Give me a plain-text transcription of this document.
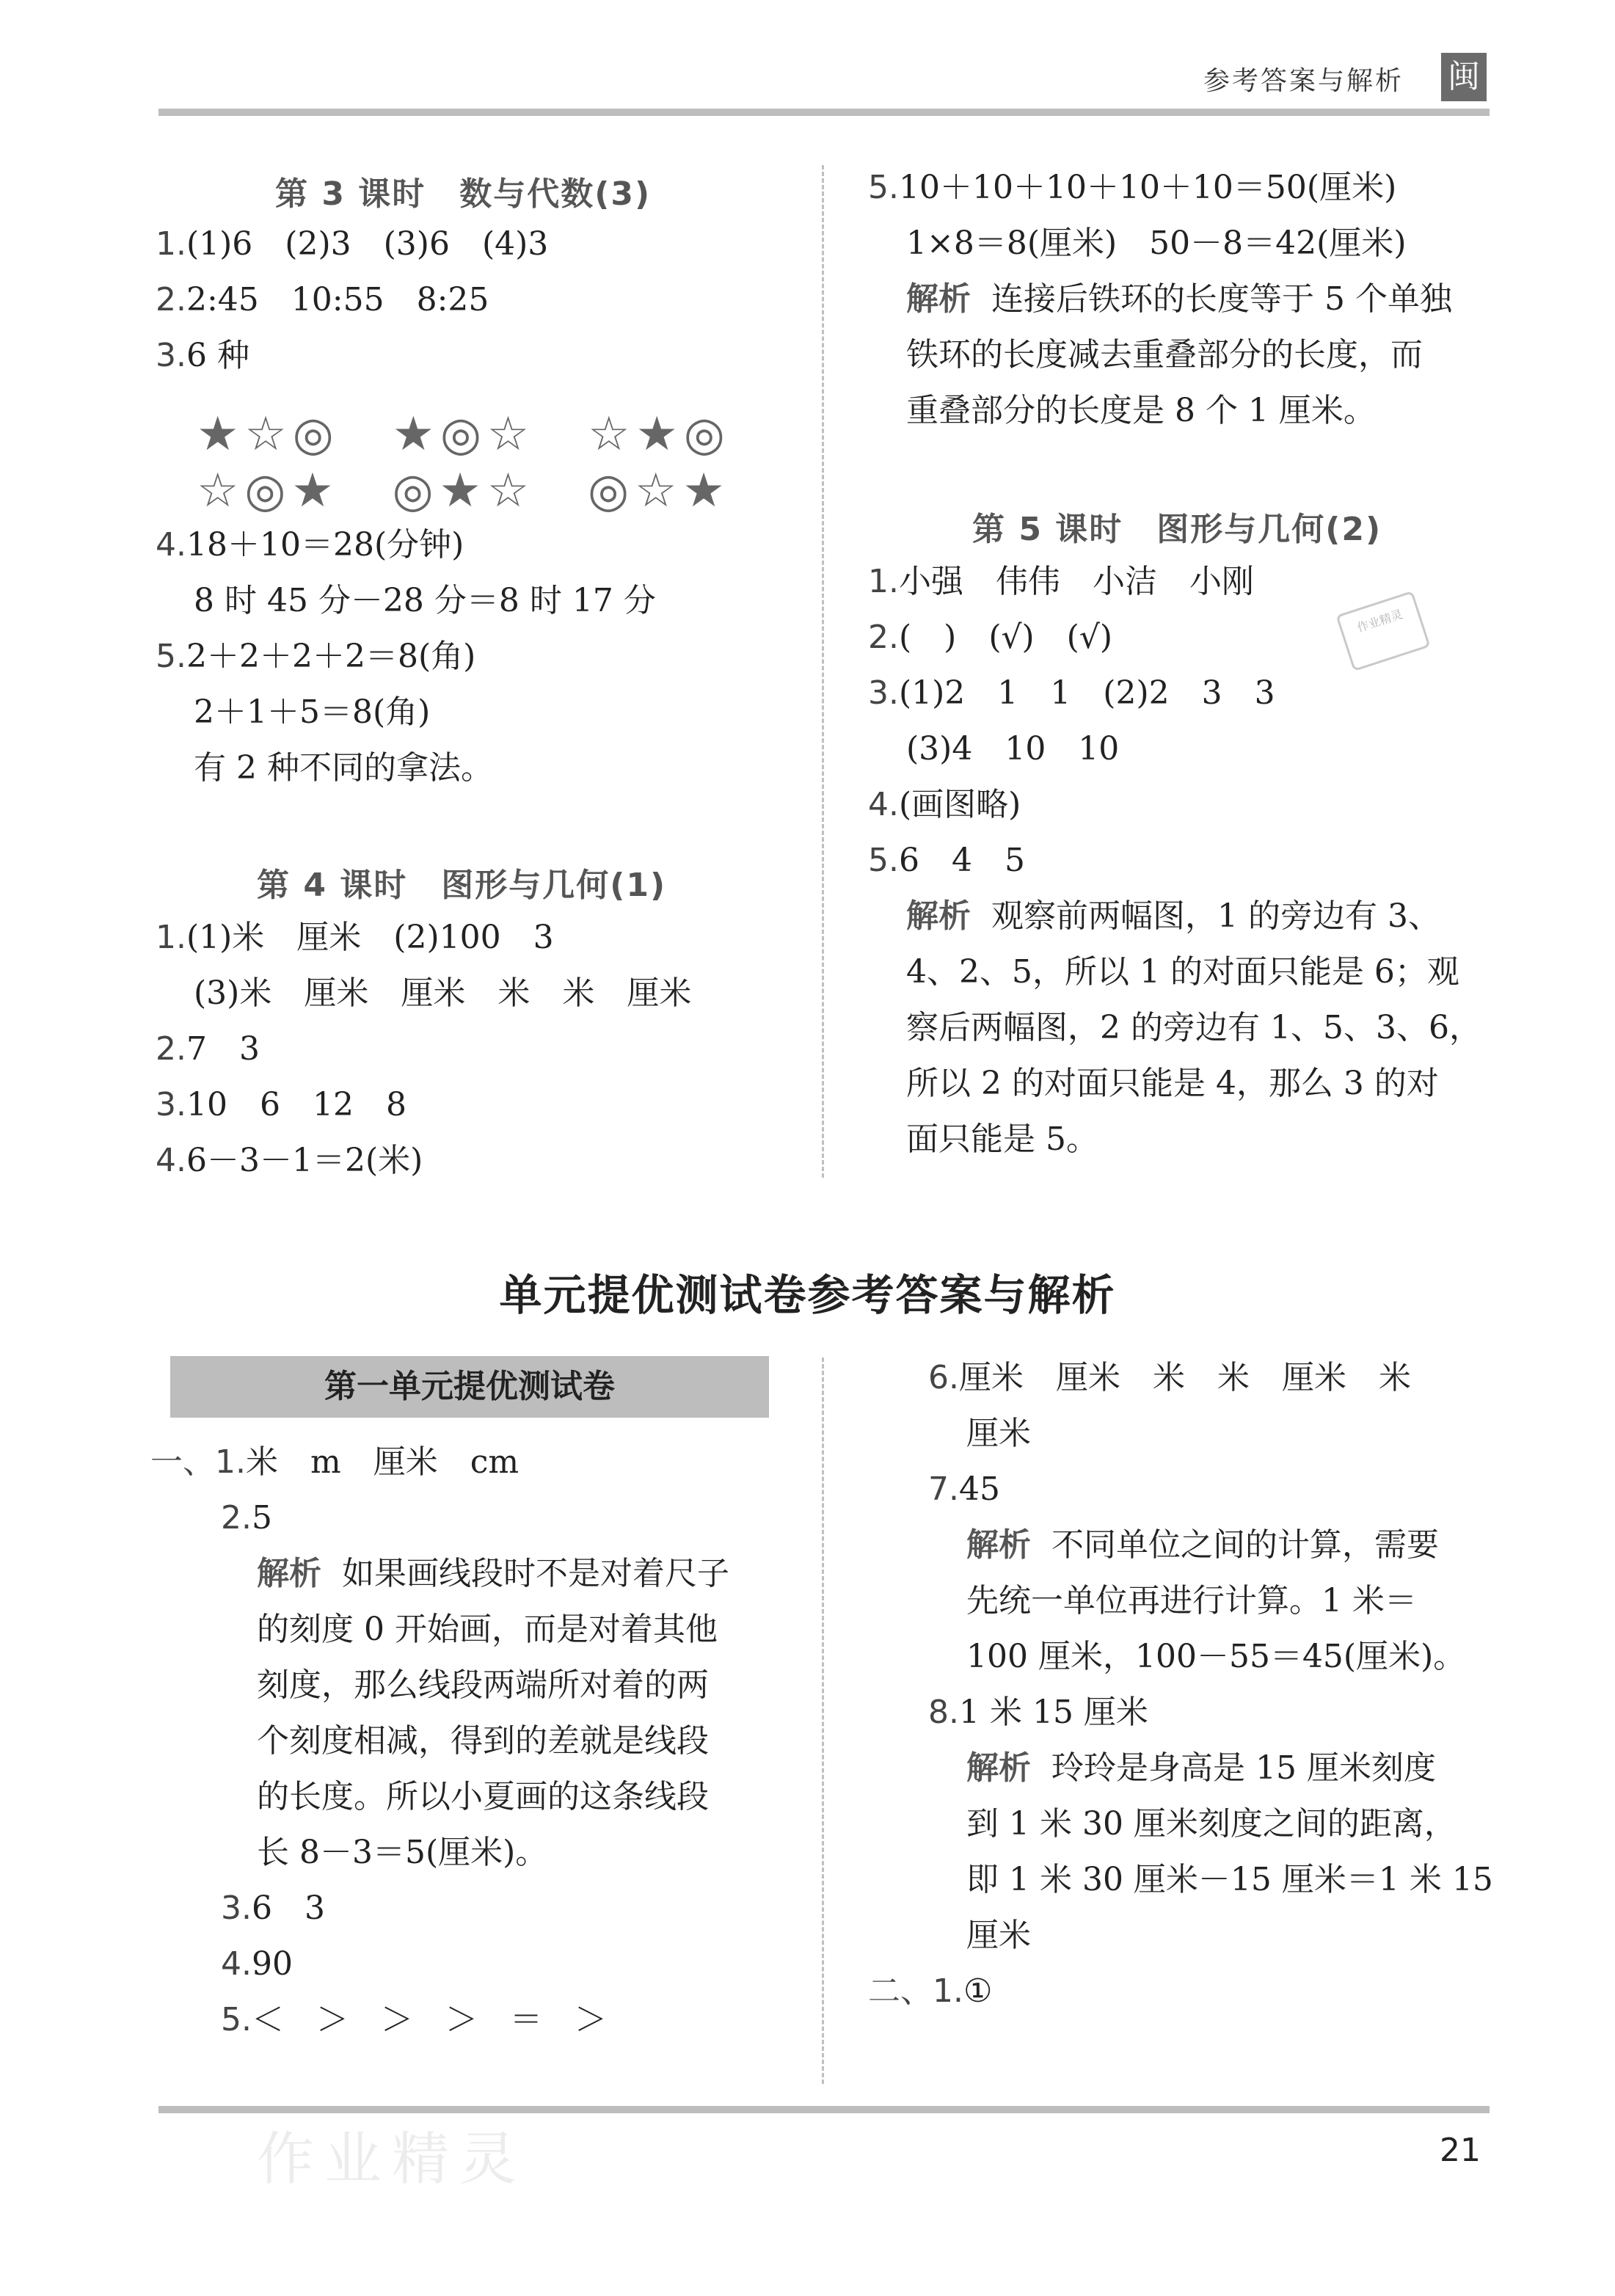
参考答案与解析 闽
第 3 课时　数与代数(3)
1.(1)6　(2)3　(3)6　(4)3
2.2:45　10:55　8:25
3.6 种
★☆◎　★◎☆　☆★◎
☆◎★　◎★☆　◎☆★
4.18＋10＝28(分钟)
8 时 45 分－28 分＝8 时 17 分
5.2＋2＋2＋2＝8(角)
2＋1＋5＝8(角)
有 2 种不同的拿法。
第 4 课时　图形与几何(1)
1.(1)米　厘米　(2)100　3
(3)米　厘米　厘米　米　米　厘米
2.7　3
3.10　6　12　8
4.6－3－1＝2(米)
5.10＋10＋10＋10＋10＝50(厘米)
1×8＝8(厘米)　50－8＝42(厘米)
解析 连接后铁环的长度等于 5 个单独
铁环的长度减去重叠部分的长度，而
重叠部分的长度是 8 个 1 厘米。
第 5 课时　图形与几何(2)
作业精灵
1.小强　伟伟　小洁　小刚
2.(　)　(√)　(√)
3.(1)2　1　1　(2)2　3　3
(3)4　10　10
4.(画图略)
5.6　4　5
解析 观察前两幅图，1 的旁边有 3、
4、2、5，所以 1 的对面只能是 6；观
察后两幅图，2 的旁边有 1、5、3、6，
所以 2 的对面只能是 4，那么 3 的对
面只能是 5。
单元提优测试卷参考答案与解析
第一单元提优测试卷
一、1.米　m　厘米　cm
2.5
解析 如果画线段时不是对着尺子
的刻度 0 开始画，而是对着其他
刻度，那么线段两端所对着的两
个刻度相减，得到的差就是线段
的长度。所以小夏画的这条线段
长 8－3＝5(厘米)。
3.6　3
4.90
5.＜　＞　＞　＞　＝　＞
6.厘米　厘米　米　米　厘米　米
厘米
7.45
解析 不同单位之间的计算，需要
先统一单位再进行计算。1 米＝
100 厘米，100－55＝45(厘米)。
8.1 米 15 厘米
解析 玲玲是身高是 15 厘米刻度
到 1 米 30 厘米刻度之间的距离，
即 1 米 30 厘米－15 厘米＝1 米 15
厘米
二、1.①
作业精灵	21
